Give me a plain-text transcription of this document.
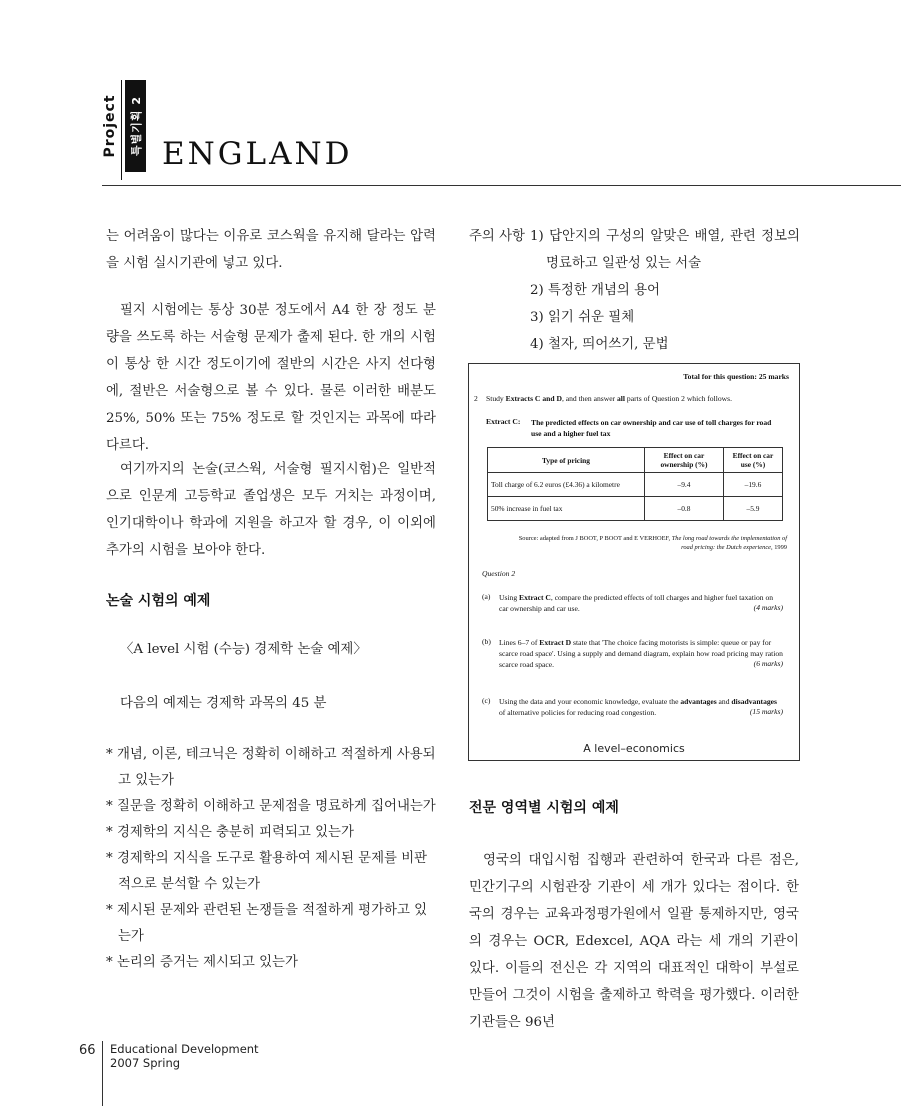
Project 특별기획 2 ENGLAND
는 어려움이 많다는 이유로 코스웍을 유지해 달라는 압력을 시험 실시기관에 넣고 있다.
필지 시험에는 통상 30분 정도에서 A4 한 장 정도 분량을 쓰도록 하는 서술형 문제가 출제 된다. 한 개의 시험이 통상 한 시간 정도이기에 절반의 시간은 사지 선다형에, 절반은 서술형으로 볼 수 있다. 물론 이러한 배분도 25%, 50% 또는 75% 정도로 할 것인지는 과목에 따라 다르다.
여기까지의 논술(코스웍, 서술형 필지시험)은 일반적으로 인문계 고등학교 졸업생은 모두 거치는 과정이며, 인기대학이나 학과에 지원을 하고자 할 경우, 이 이외에 추가의 시험을 보아야 한다.
논술 시험의 예제
〈A level 시험 (수능) 경제학 논술 예제〉
다음의 예제는 경제학 과목의 45 분
* 개념, 이론, 테크닉은 정확히 이해하고 적절하게 사용되고 있는가
* 질문을 정확히 이해하고 문제점을 명료하게 집어내는가
* 경제학의 지식은 충분히 피력되고 있는가
* 경제학의 지식을 도구로 활용하여 제시된 문제를 비판적으로 분석할 수 있는가
* 제시된 문제와 관련된 논쟁들을 적절하게 평가하고 있는가
* 논리의 증거는 제시되고 있는가
주의 사항 1) 답안지의 구성의 알맞은 배열, 관련 정보의 명료하고 일관성 있는 서술
2) 특정한 개념의 용어
3) 읽기 쉬운 필체
4) 철자, 띄어쓰기, 문법
Total for this question: 25 marks
2 Study Extracts C and D, and then answer all parts of Question 2 which follows.
Extract C: The predicted effects on car ownership and car use of toll charges for road use and a higher fuel tax
Type of pricing	Effect on car ownership (%)	Effect on car use (%)
Toll charge of 6.2 euros (£4.36) a kilometre	–9.4	–19.6
50% increase in fuel tax	–0.8	–5.9
Source: adapted from J BOOT, P BOOT and E VERHOEF, The long road towards the implementation of road pricing: the Dutch experience, 1999
Question 2
(a) Using Extract C, compare the predicted effects of toll charges and higher fuel taxation on car ownership and car use.	(4 marks)
(b) Lines 6–7 of Extract D state that 'The choice facing motorists is simple: queue or pay for scarce road space'. Using a supply and demand diagram, explain how road pricing may ration scarce road space.	(6 marks)
(c) Using the data and your economic knowledge, evaluate the advantages and disadvantages of alternative policies for reducing road congestion.	(15 marks)
A level–economics
전문 영역별 시험의 예제
영국의 대입시험 집행과 관련하여 한국과 다른 점은, 민간기구의 시험관장 기관이 세 개가 있다는 점이다. 한국의 경우는 교육과정평가원에서 일괄 통제하지만, 영국의 경우는 OCR, Edexcel, AQA 라는 세 개의 기관이 있다. 이들의 전신은 각 지역의 대표적인 대학이 부설로 만들어 그것이 시험을 출제하고 학력을 평가했다. 이러한 기관들은 96년
66 Educational Development
2007 Spring
